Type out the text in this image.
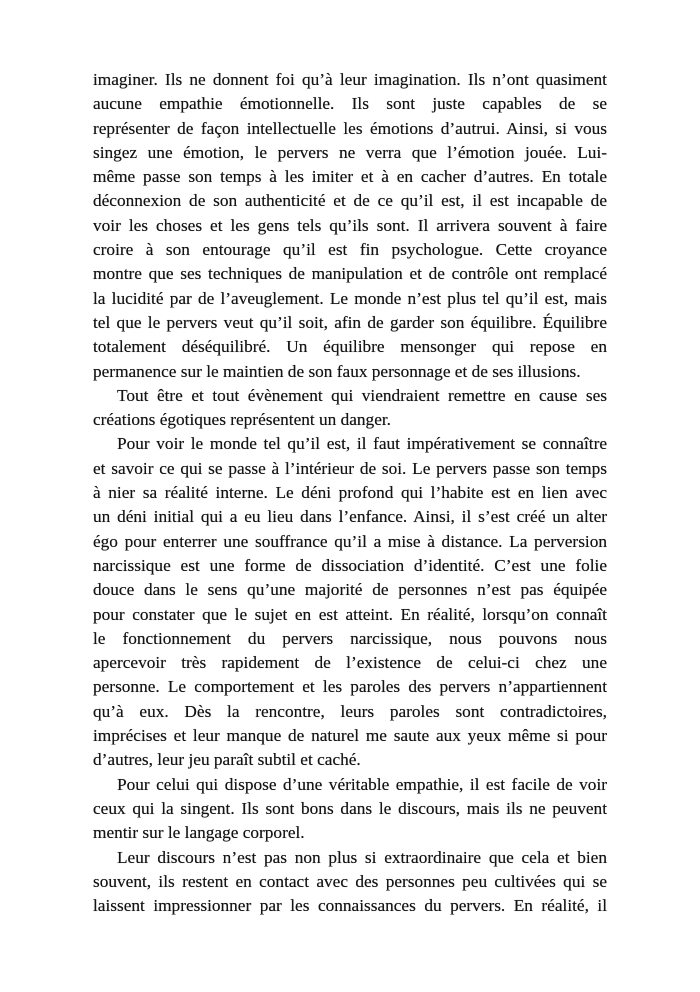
imaginer. Ils ne donnent foi qu’à leur imagination. Ils n’ont quasiment
aucune empathie émotionnelle. Ils sont juste capables de se
représenter de façon intellectuelle les émotions d’autrui. Ainsi, si vous
singez une émotion, le pervers ne verra que l’émotion jouée. Lui-
même passe son temps à les imiter et à en cacher d’autres. En totale
déconnexion de son authenticité et de ce qu’il est, il est incapable de
voir les choses et les gens tels qu’ils sont. Il arrivera souvent à faire
croire à son entourage qu’il est fin psychologue. Cette croyance
montre que ses techniques de manipulation et de contrôle ont remplacé
la lucidité par de l’aveuglement. Le monde n’est plus tel qu’il est, mais
tel que le pervers veut qu’il soit, afin de garder son équilibre. Équilibre
totalement déséquilibré. Un équilibre mensonger qui repose en
permanence sur le maintien de son faux personnage et de ses illusions.
Tout être et tout évènement qui viendraient remettre en cause ses
créations égotiques représentent un danger.
Pour voir le monde tel qu’il est, il faut impérativement se connaître
et savoir ce qui se passe à l’intérieur de soi. Le pervers passe son temps
à nier sa réalité interne. Le déni profond qui l’habite est en lien avec
un déni initial qui a eu lieu dans l’enfance. Ainsi, il s’est créé un alter
égo pour enterrer une souffrance qu’il a mise à distance. La perversion
narcissique est une forme de dissociation d’identité. C’est une folie
douce dans le sens qu’une majorité de personnes n’est pas équipée
pour constater que le sujet en est atteint. En réalité, lorsqu’on connaît
le fonctionnement du pervers narcissique, nous pouvons nous
apercevoir très rapidement de l’existence de celui-ci chez une
personne. Le comportement et les paroles des pervers n’appartiennent
qu’à eux. Dès la rencontre, leurs paroles sont contradictoires,
imprécises et leur manque de naturel me saute aux yeux même si pour
d’autres, leur jeu paraît subtil et caché.
Pour celui qui dispose d’une véritable empathie, il est facile de voir
ceux qui la singent. Ils sont bons dans le discours, mais ils ne peuvent
mentir sur le langage corporel.
Leur discours n’est pas non plus si extraordinaire que cela et bien
souvent, ils restent en contact avec des personnes peu cultivées qui se
laissent impressionner par les connaissances du pervers. En réalité, il
